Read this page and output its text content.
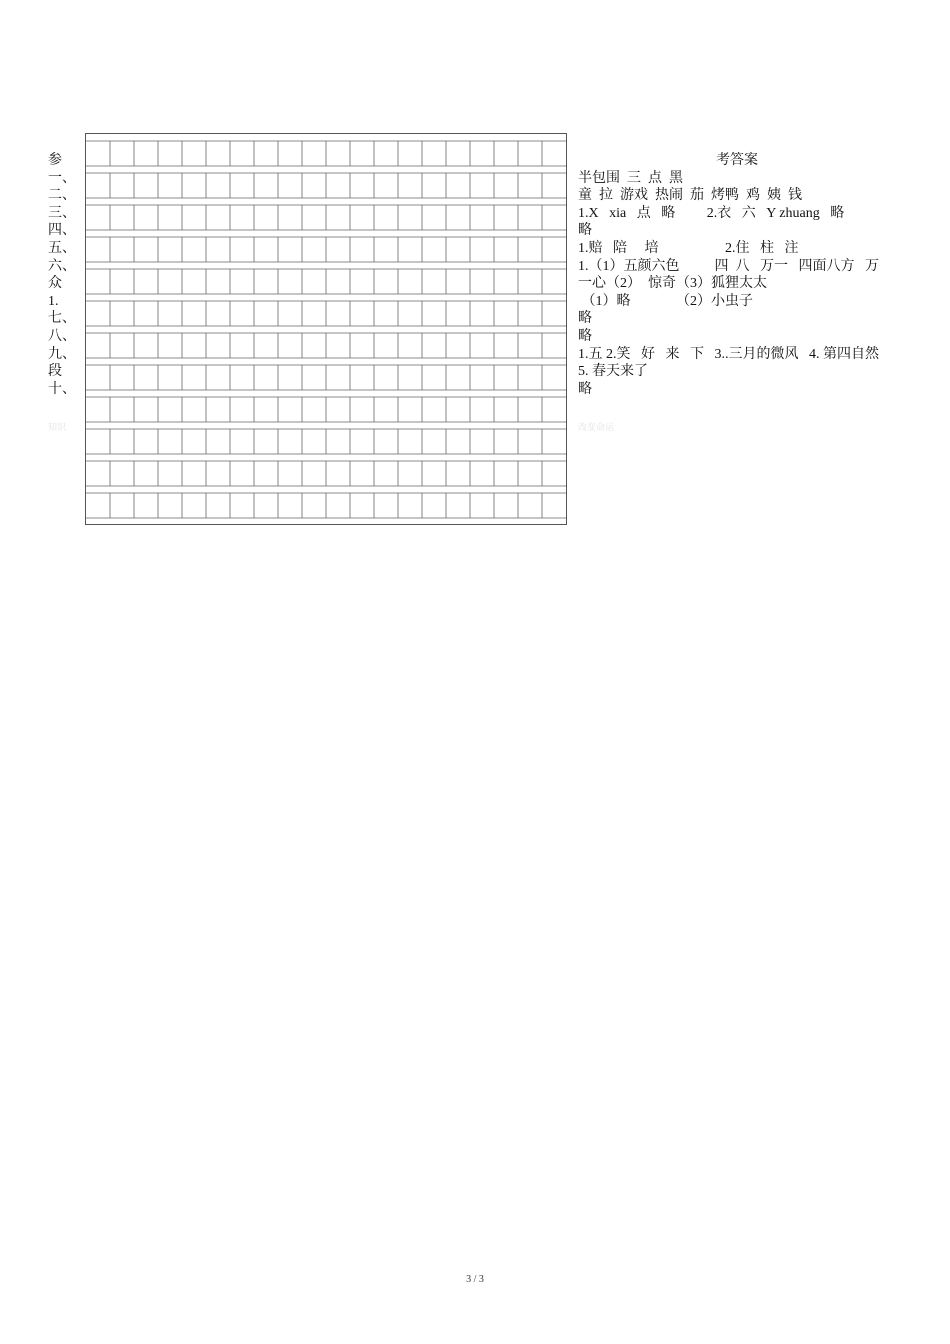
参
一、
二、
三、
四、
五、
六、
众
1.
七、
八、
九、
段
十、
考答案
半包围  三  点  黑
童  拉  游戏  热闹  茄  烤鸭  鸡  姨  钱
1.X   xia   点   略         2.衣   六   Y zhuang   略
略
1.赔   陪     培                   2.住   柱   注
1.（1）五颜六色          四  八   万一   四面八方   万
一心（2）  惊奇（3）狐狸太太
（1）略             （2）小虫子
略
略
1.五 2.笑   好   来   下   3..三月的微风   4. 第四自然
5. 春天来了
略
知识	改变命运
3 / 3
